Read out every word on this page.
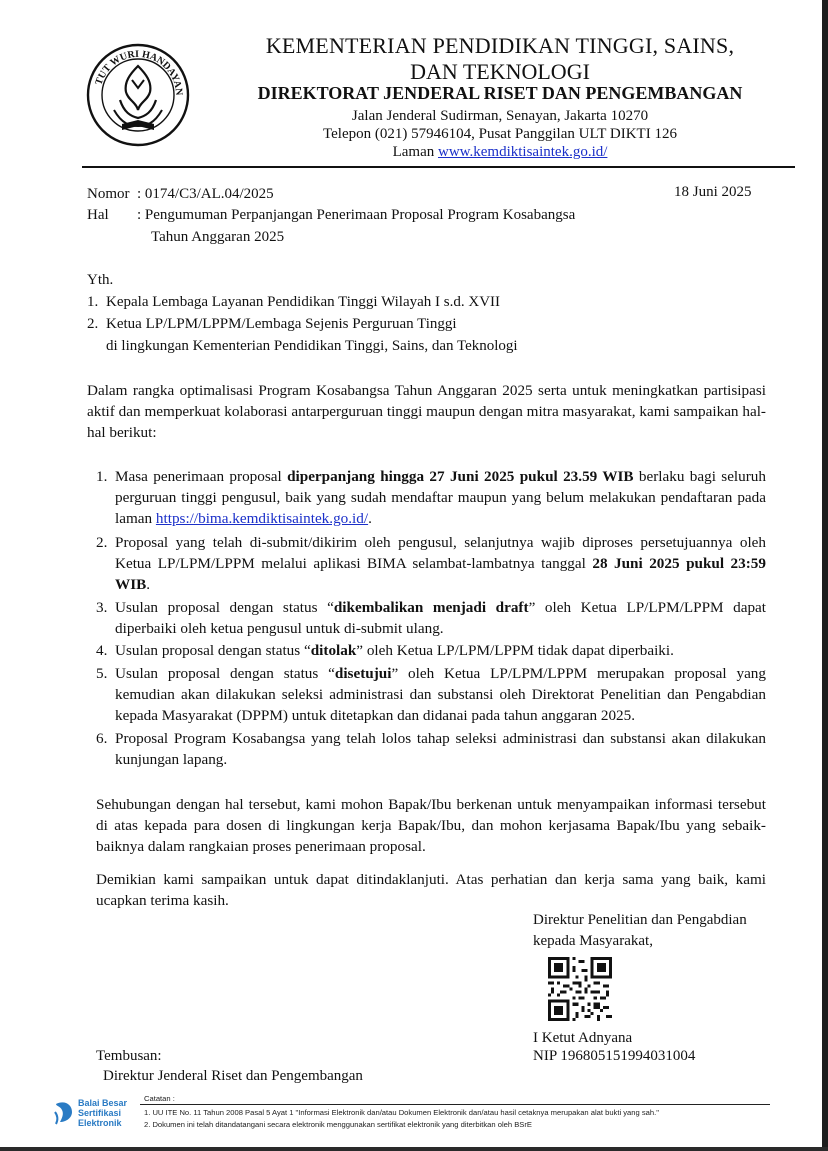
TUT WURI HANDAYAN
KEMENTERIAN PENDIDIKAN TINGGI, SAINS,
DAN TEKNOLOGI
DIREKTORAT JENDERAL RISET DAN PENGEMBANGAN
Jalan Jenderal Sudirman, Senayan, Jakarta 10270
Telepon (021) 57946104, Pusat Panggilan ULT DIKTI 126
Laman www.kemdiktisaintek.go.id/
Nomor : 0174/C3/AL.04/2025	18 Juni 2025
Hal : Pengumuman Perpanjangan Penerimaan Proposal Program Kosabangsa
Tahun Anggaran 2025
Yth.
1. Kepala Lembaga Layanan Pendidikan Tinggi Wilayah I s.d. XVII
2. Ketua LP/LPM/LPPM/Lembaga Sejenis Perguruan Tinggi
di lingkungan Kementerian Pendidikan Tinggi, Sains, dan Teknologi
Dalam rangka optimalisasi Program Kosabangsa Tahun Anggaran 2025 serta untuk meningkatkan partisipasi aktif dan memperkuat kolaborasi antarperguruan tinggi maupun dengan mitra masyarakat, kami sampaikan hal-hal berikut:
1. Masa penerimaan proposal diperpanjang hingga 27 Juni 2025 pukul 23.59 WIB berlaku bagi seluruh perguruan tinggi pengusul, baik yang sudah mendaftar maupun yang belum melakukan pendaftaran pada laman https://bima.kemdiktisaintek.go.id/.
2. Proposal yang telah di-submit/dikirim oleh pengusul, selanjutnya wajib diproses persetujuannya oleh Ketua LP/LPM/LPPM melalui aplikasi BIMA selambat-lambatnya tanggal 28 Juni 2025 pukul 23:59 WIB.
3. Usulan proposal dengan status “dikembalikan menjadi draft” oleh Ketua LP/LPM/LPPM dapat diperbaiki oleh ketua pengusul untuk di-submit ulang.
4. Usulan proposal dengan status “ditolak” oleh Ketua LP/LPM/LPPM tidak dapat diperbaiki.
5. Usulan proposal dengan status “disetujui” oleh Ketua LP/LPM/LPPM merupakan proposal yang kemudian akan dilakukan seleksi administrasi dan substansi oleh Direktorat Penelitian dan Pengabdian kepada Masyarakat (DPPM) untuk ditetapkan dan didanai pada tahun anggaran 2025.
6. Proposal Program Kosabangsa yang telah lolos tahap seleksi administrasi dan substansi akan dilakukan kunjungan lapang.
Sehubungan dengan hal tersebut, kami mohon Bapak/Ibu berkenan untuk menyampaikan informasi tersebut di atas kepada para dosen di lingkungan kerja Bapak/Ibu, dan mohon kerjasama Bapak/Ibu yang sebaik-baiknya dalam rangkaian proses penerimaan proposal.
Demikian kami sampaikan untuk dapat ditindaklanjuti. Atas perhatian dan kerja sama yang baik, kami ucapkan terima kasih.
Direktur Penelitian dan Pengabdian
kepada Masyarakat,
I Ketut Adnyana
NIP 196805151994031004
Tembusan:
Direktur Jenderal Riset dan Pengembangan
Balai Besar
Sertifikasi
Elektronik
Catatan :
1. UU ITE No. 11 Tahun 2008 Pasal 5 Ayat 1 "Informasi Elektronik dan/atau Dokumen Elektronik dan/atau hasil cetaknya merupakan alat bukti yang sah."
2. Dokumen ini telah ditandatangani secara elektronik menggunakan sertifikat elektronik yang diterbitkan oleh BSrE
